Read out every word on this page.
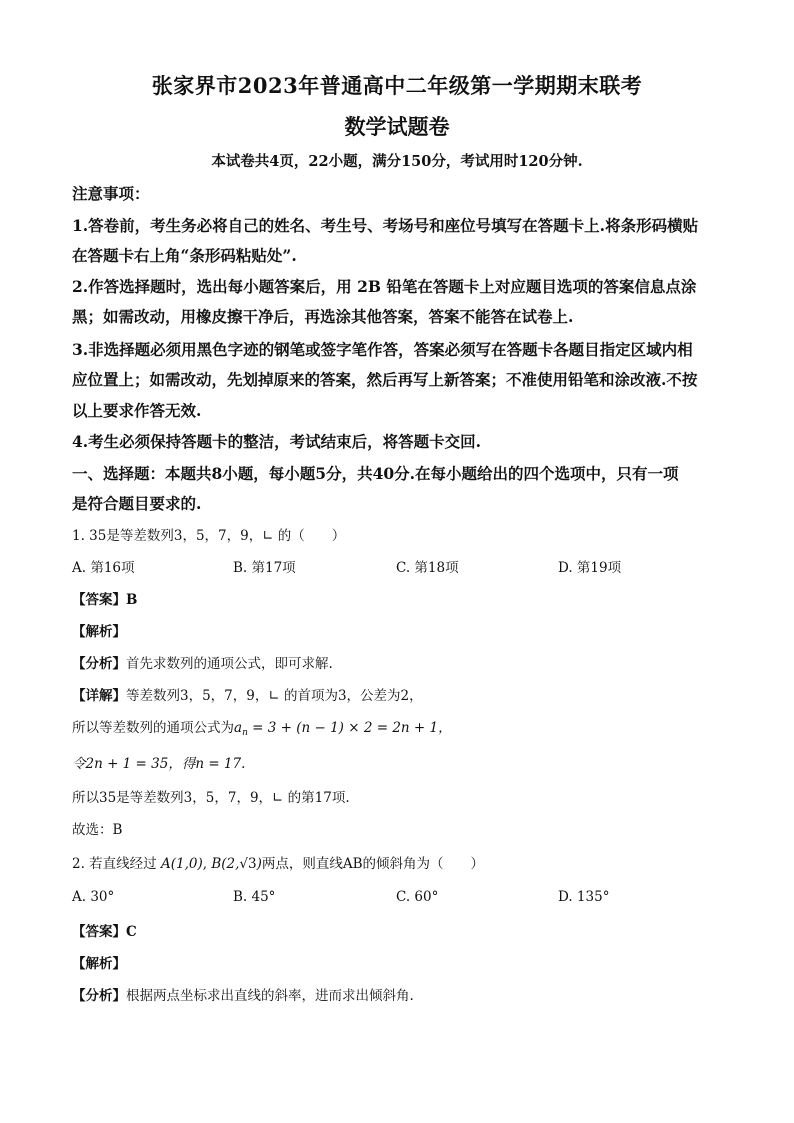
张家界市2023年普通高中二年级第一学期期末联考
数学试题卷
本试卷共4页，22小题，满分150分，考试用时120分钟.
注意事项：
1.答卷前，考生务必将自己的姓名、考生号、考场号和座位号填写在答题卡上.将条形码横贴
在答题卡右上角“条形码粘贴处”.
2.作答选择题时，选出每小题答案后，用 2B 铅笔在答题卡上对应题目选项的答案信息点涂
黑；如需改动，用橡皮擦干净后，再选涂其他答案，答案不能答在试卷上.
3.非选择题必须用黑色字迹的钢笔或签字笔作答，答案必须写在答题卡各题目指定区域内相
应位置上；如需改动，先划掉原来的答案，然后再写上新答案；不准使用铅笔和涂改液.不按
以上要求作答无效.
4.考生必须保持答题卡的整洁，考试结束后，将答题卡交回.
一、选择题：本题共8小题，每小题5分，共40分.在每小题给出的四个选项中，只有一项
是符合题目要求的.
1. 35是等差数列3，5，7，9，∟ 的（　　）
A. 第16项	B. 第17项	C. 第18项	D. 第19项
【答案】B
【解析】
【分析】首先求数列的通项公式，即可求解.
【详解】等差数列3，5，7，9，∟ 的首项为3，公差为2，
所以等差数列的通项公式为$a_n = 3 + (n - 1) \times 2 = 2n + 1$，
令2n + 1 = 35，得n = 17.
所以35是等差数列3，5，7，9，∟ 的第17项.
故选：B
2. 若直线经过 A(1,0), B(2,√3)两点，则直线AB的倾斜角为（　　）
A. 30°	B. 45°	C. 60°	D. 135°
【答案】C
【解析】
【分析】根据两点坐标求出直线的斜率，进而求出倾斜角.
